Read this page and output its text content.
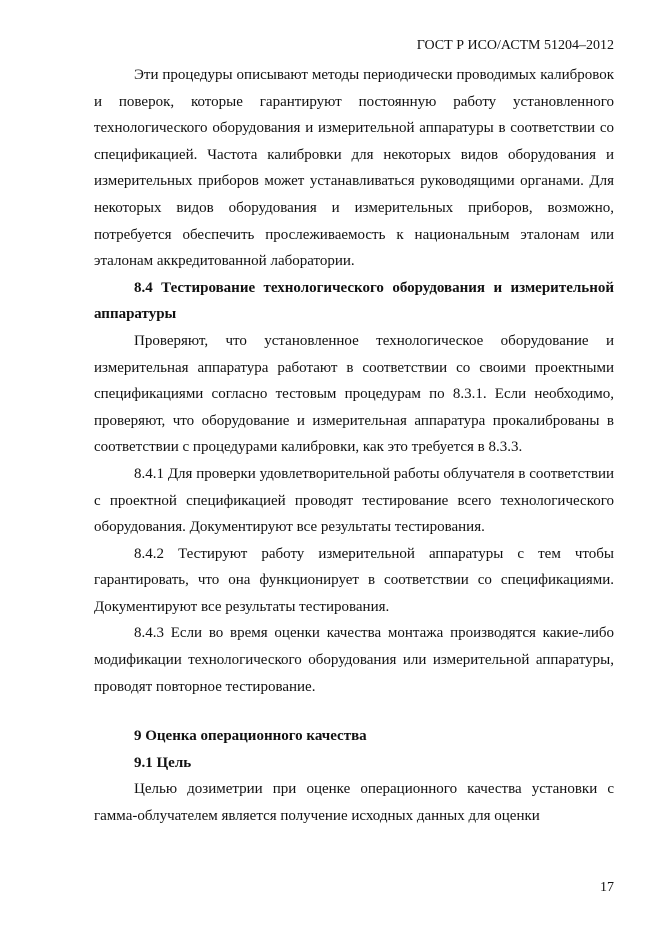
ГОСТ Р ИСО/АСТМ 51204–2012

Эти процедуры описывают методы периодически проводимых калибровок и поверок, которые гарантируют постоянную работу установленного технологического оборудования и измерительной аппаратуры в соответствии со спецификацией. Частота калибровки для некоторых видов оборудования и измерительных приборов может устанавливаться руководящими органами. Для некоторых видов оборудования и измерительных приборов, возможно, потребуется обеспечить прослеживаемость к национальным эталонам или эталонам аккредитованной лаборатории.

8.4 Тестирование технологического оборудования и измерительной аппаратуры

Проверяют, что установленное технологическое оборудование и измерительная аппаратура работают в соответствии со своими проектными спецификациями согласно тестовым процедурам по 8.3.1. Если необходимо, проверяют, что оборудование и измерительная аппаратура прокалиброваны в соответствии с процедурами калибровки, как это требуется в 8.3.3.

8.4.1 Для проверки удовлетворительной работы облучателя в соответствии с проектной спецификацией проводят тестирование всего технологического оборудования. Документируют все результаты тестирования.

8.4.2 Тестируют работу измерительной аппаратуры с тем чтобы гарантировать, что она функционирует в соответствии со спецификациями. Документируют все результаты тестирования.

8.4.3 Если во время оценки качества монтажа производятся какие-либо модификации технологического оборудования или измерительной аппаратуры, проводят повторное тестирование.

9 Оценка операционного качества

9.1 Цель

Целью дозиметрии при оценке операционного качества установки с гамма-облучателем является получение исходных данных для оценки

17
